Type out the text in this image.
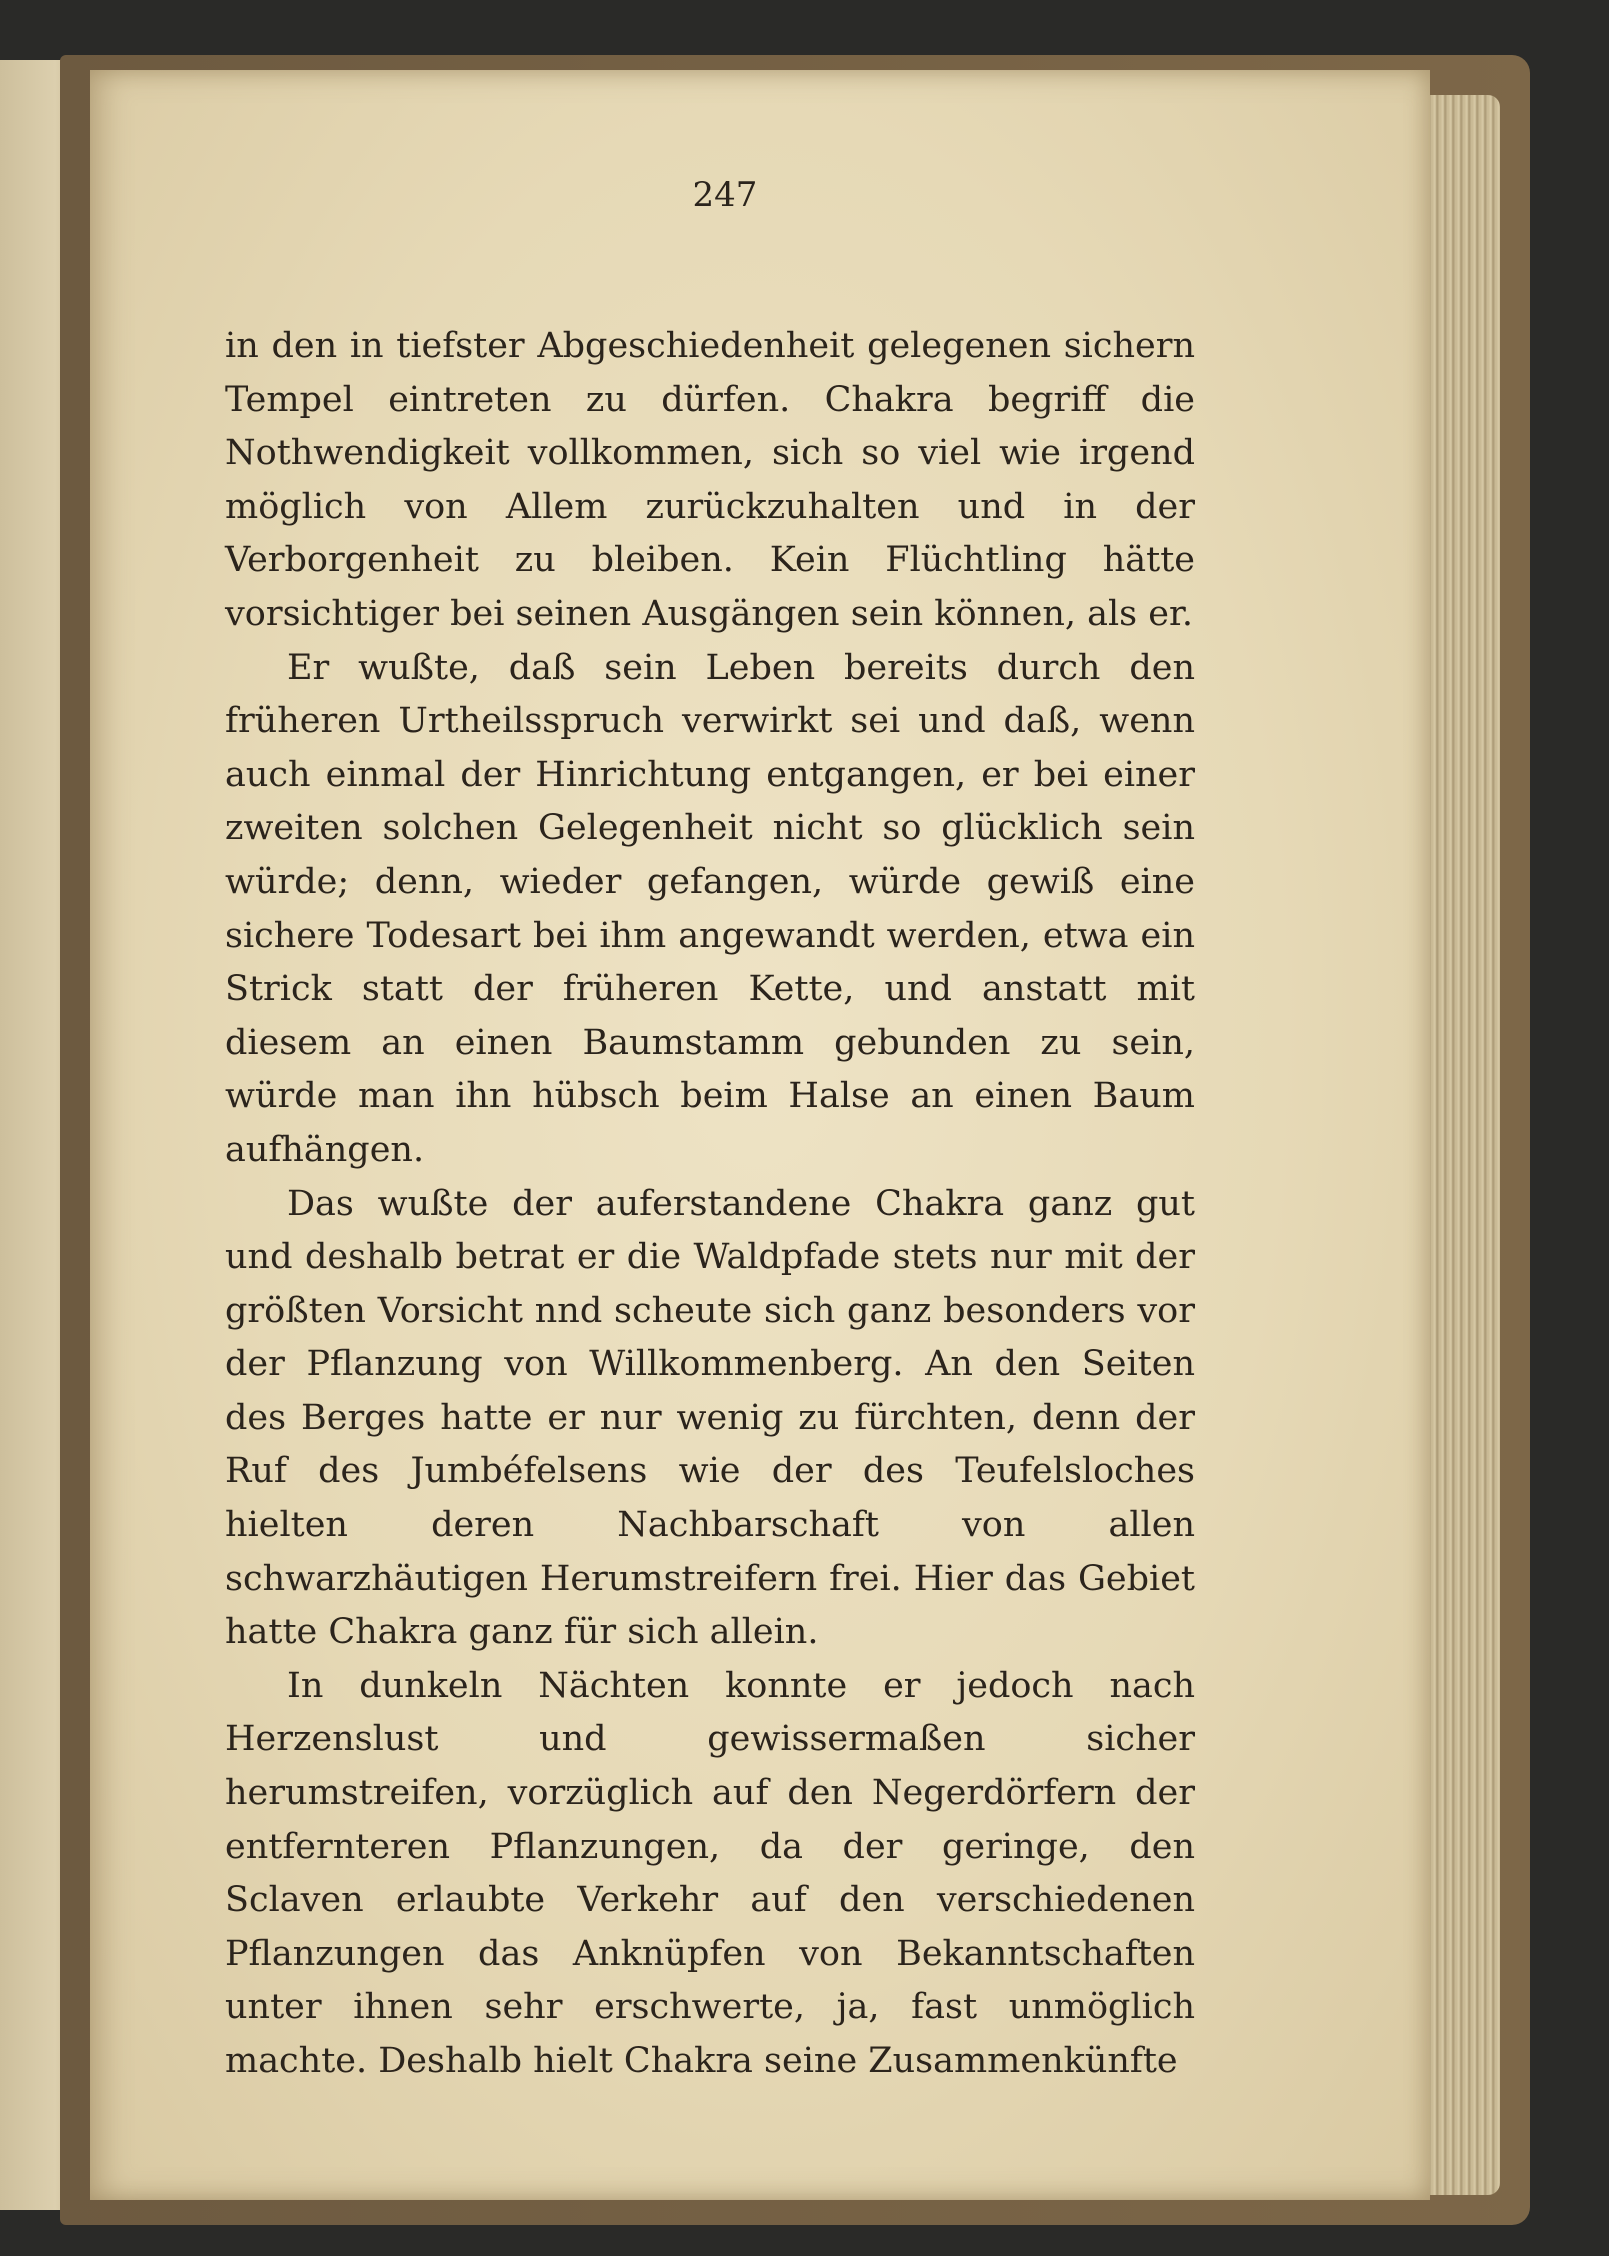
247

in den in tiefster Abgeschiedenheit gelegenen sichern Tempel eintreten zu dürfen. Chakra begriff die Nothwendigkeit vollkommen, sich so viel wie irgend möglich von Allem zurückzuhalten und in der Verborgenheit zu bleiben. Kein Flüchtling hätte vorsichtiger bei seinen Ausgängen sein können, als er.

Er wußte, daß sein Leben bereits durch den früheren Urtheilsspruch verwirkt sei und daß, wenn auch einmal der Hinrichtung entgangen, er bei einer zweiten solchen Gelegenheit nicht so glücklich sein würde; denn, wieder gefangen, würde gewiß eine sichere Todesart bei ihm angewandt werden, etwa ein Strick statt der früheren Kette, und anstatt mit diesem an einen Baumstamm gebunden zu sein, würde man ihn hübsch beim Halse an einen Baum aufhängen.

Das wußte der auferstandene Chakra ganz gut und deshalb betrat er die Waldpfade stets nur mit der größten Vorsicht nnd scheute sich ganz besonders vor der Pflanzung von Willkommenberg. An den Seiten des Berges hatte er nur wenig zu fürchten, denn der Ruf des Jumbéfelsens wie der des Teufelsloches hielten deren Nachbarschaft von allen schwarzhäutigen Herumstreifern frei. Hier das Gebiet hatte Chakra ganz für sich allein.

In dunkeln Nächten konnte er jedoch nach Herzenslust und gewissermaßen sicher herumstreifen, vorzüglich auf den Negerdörfern der entfernteren Pflanzungen, da der geringe, den Sclaven erlaubte Verkehr auf den verschiedenen Pflanzungen das Anknüpfen von Bekanntschaften unter ihnen sehr erschwerte, ja, fast unmöglich machte. Deshalb hielt Chakra seine Zusammenkünfte
